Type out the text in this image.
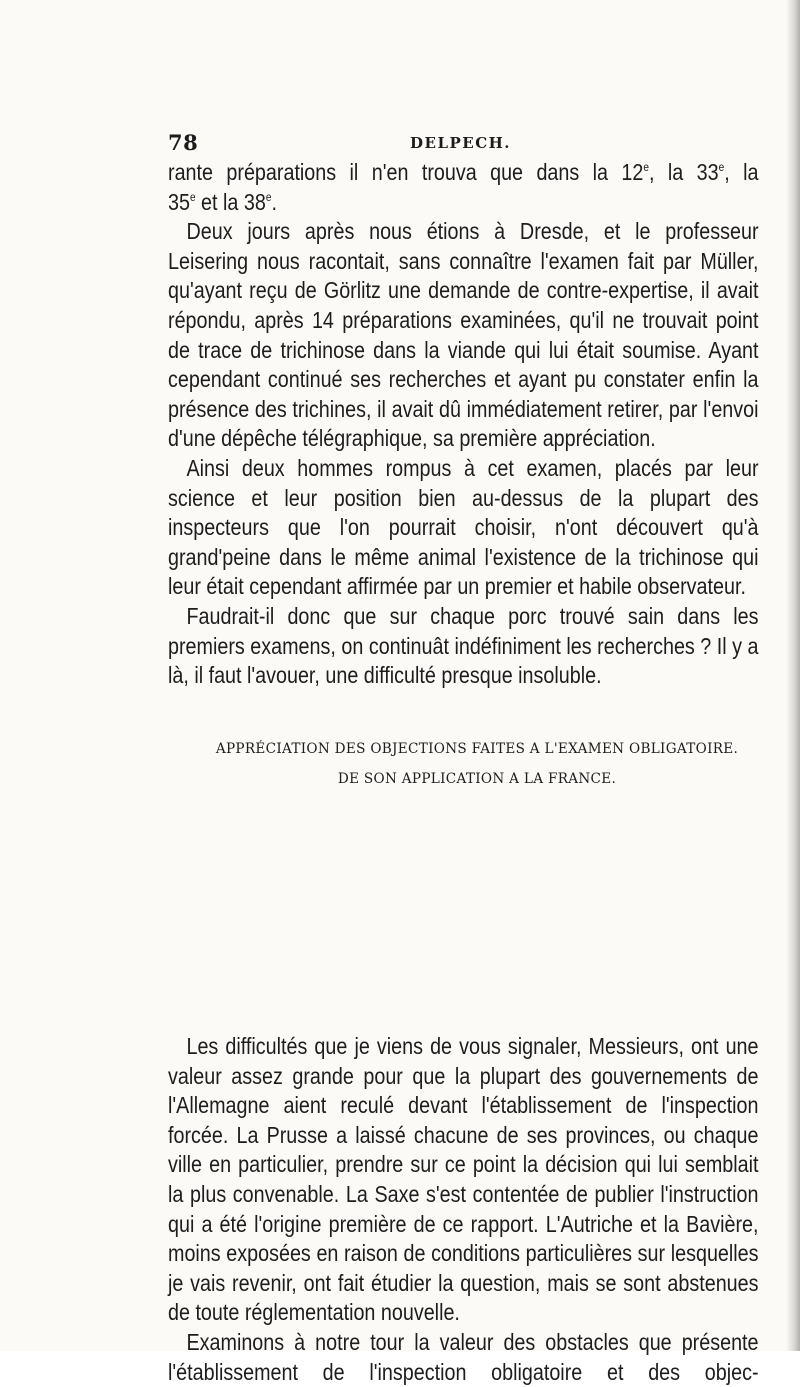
78	DELPECH.

rante préparations il n'en trouva que dans la 12e, la 33e, la

35e et la 38e.

Deux jours après nous étions à Dresde, et le professeur Leisering nous racontait, sans connaître l'examen fait par Müller, qu'ayant reçu de Görlitz une demande de contre-expertise, il avait répondu, après 14 préparations examinées, qu'il ne trouvait point de trace de trichinose dans la viande qui lui était soumise. Ayant cependant continué ses recherches et ayant pu constater enfin la présence des trichines, il avait dû immédiatement retirer, par l'envoi d'une dépêche télégraphique, sa première appréciation.

Ainsi deux hommes rompus à cet examen, placés par leur science et leur position bien au-dessus de la plupart des inspecteurs que l'on pourrait choisir, n'ont découvert qu'à grand'peine dans le même animal l'existence de la trichinose qui leur était cependant affirmée par un premier et habile observateur.

Faudrait-il donc que sur chaque porc trouvé sain dans les premiers examens, on continuât indéfiniment les recherches ? Il y a là, il faut l'avouer, une difficulté presque insoluble.

APPRÉCIATION DES OBJECTIONS FAITES A L'EXAMEN OBLIGATOIRE.
DE SON APPLICATION A LA FRANCE.

Les difficultés que je viens de vous signaler, Messieurs, ont une valeur assez grande pour que la plupart des gouvernements de l'Allemagne aient reculé devant l'établissement de l'inspection forcée. La Prusse a laissé chacune de ses provinces, ou chaque ville en particulier, prendre sur ce point la décision qui lui semblait la plus convenable. La Saxe s'est contentée de publier l'instruction qui a été l'origine première de ce rapport. L'Autriche et la Bavière, moins exposées en raison de conditions particulières sur lesquelles je vais revenir, ont fait étudier la question, mais se sont abstenues de toute réglementation nouvelle.

Examinons à notre tour la valeur des obstacles que présente l'établissement de l'inspection obligatoire et des objec-
